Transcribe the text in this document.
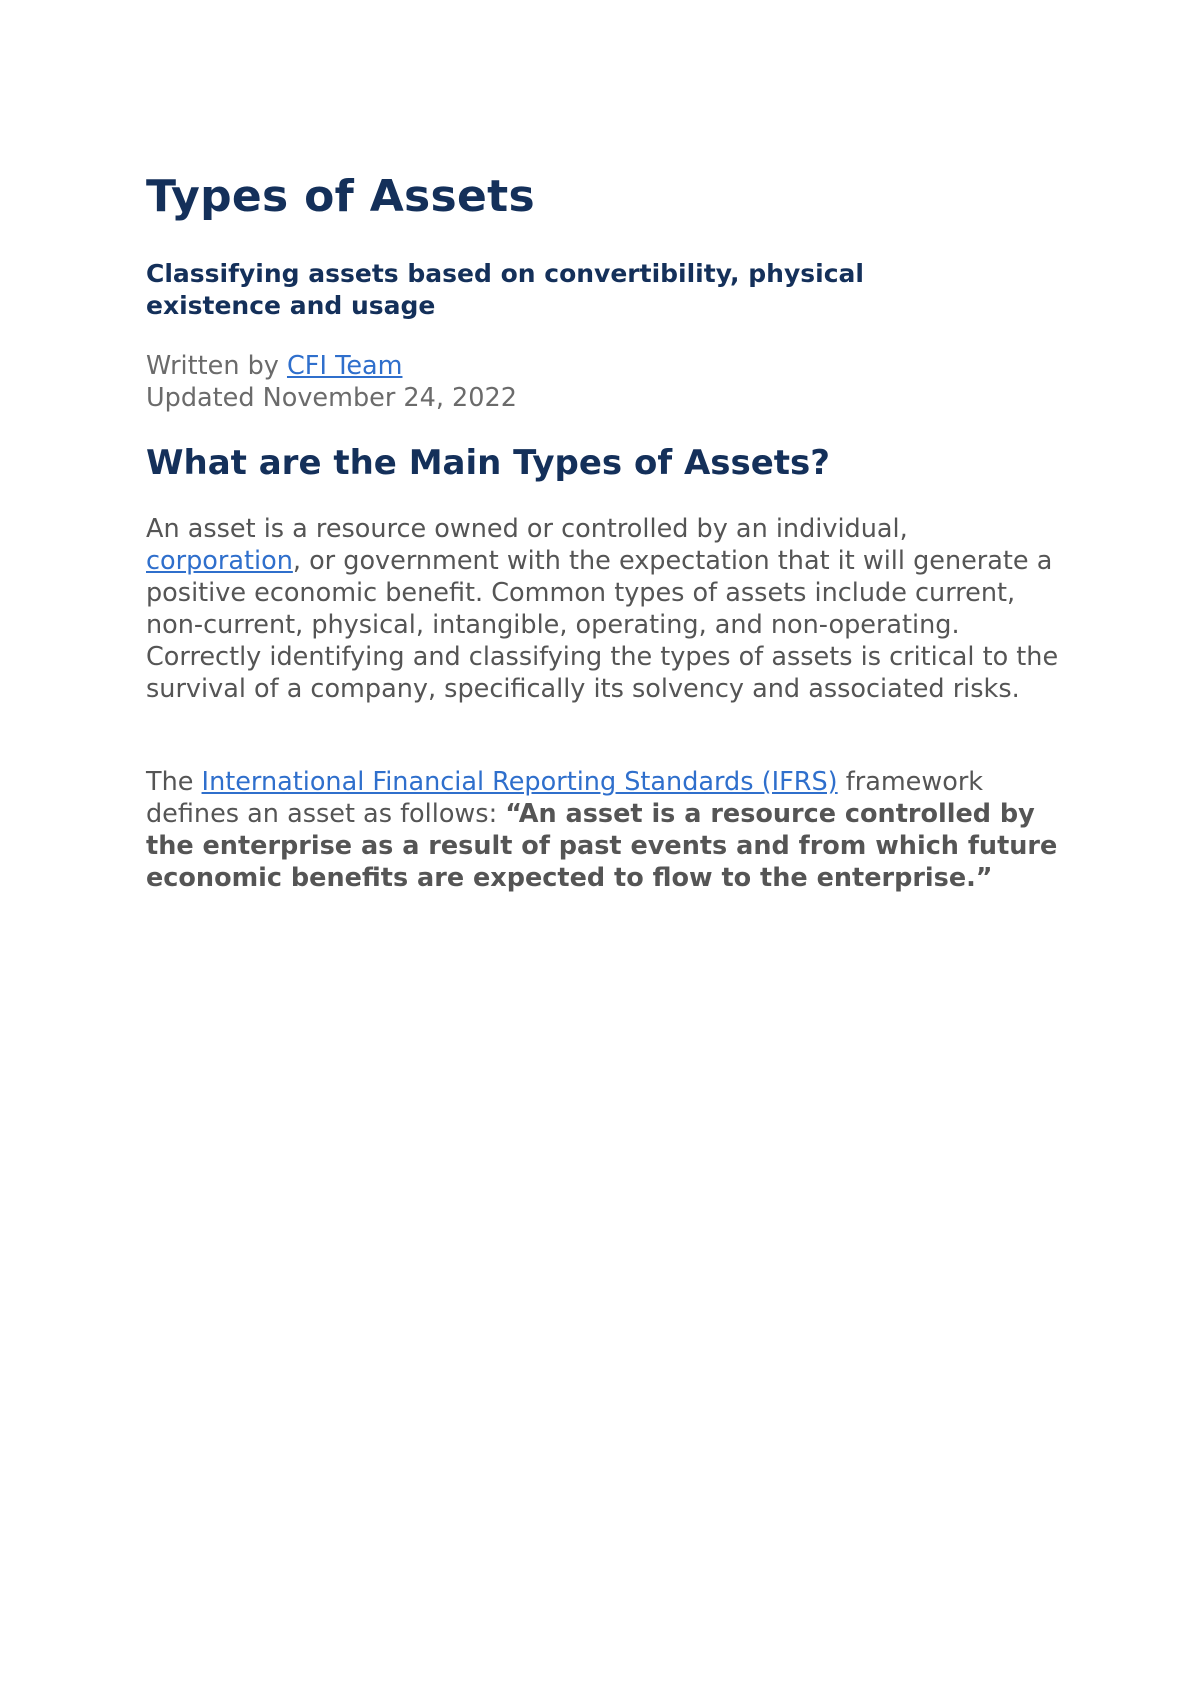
Types of Assets

Classifying assets based on convertibility, physical existence and usage

Written by CFI Team
Updated November 24, 2022
What are the Main Types of Assets?

An asset is a resource owned or controlled by an individual, corporation, or government with the expectation that it will generate a positive economic benefit. Common types of assets include current, non-current, physical, intangible, operating, and non-operating. Correctly identifying and classifying the types of assets is critical to the survival of a company, specifically its solvency and associated risks.

The International Financial Reporting Standards (IFRS) framework defines an asset as follows: “An asset is a resource controlled by the enterprise as a result of past events and from which future economic benefits are expected to flow to the enterprise.”
